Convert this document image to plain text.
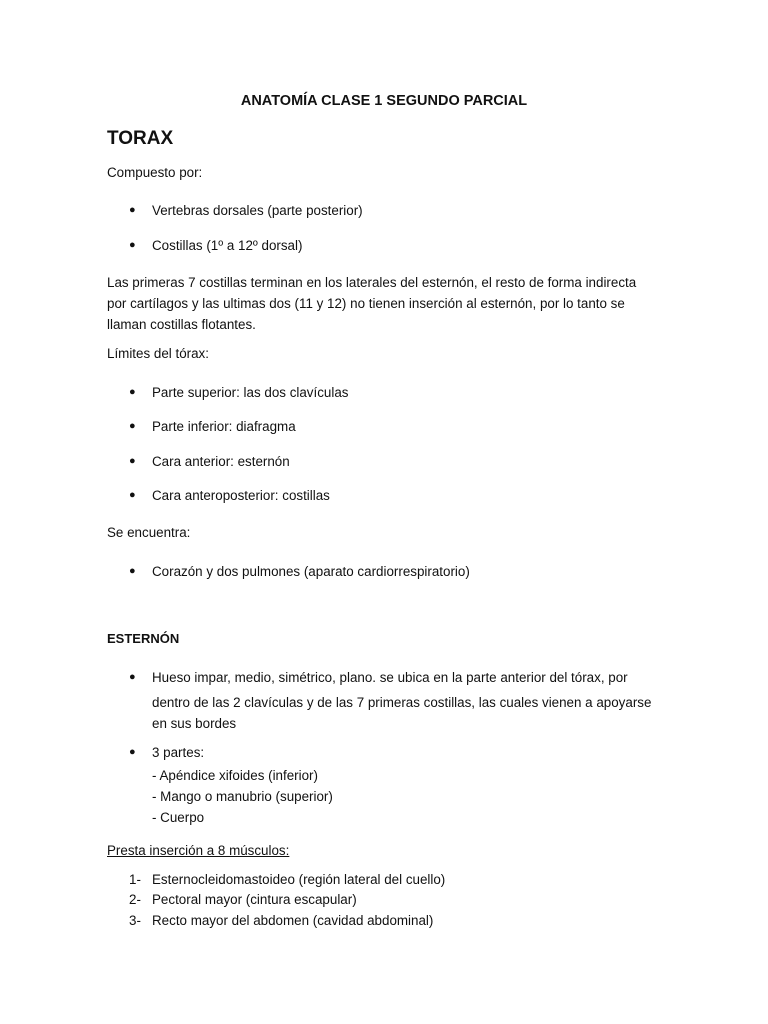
ANATOMÍA CLASE 1 SEGUNDO PARCIAL
TORAX
Compuesto por:
● Vertebras dorsales (parte posterior)
● Costillas (1º a 12º dorsal)
Las primeras 7 costillas terminan en los laterales del esternón, el resto de forma indirecta
por cartílagos y las ultimas dos (11 y 12) no tienen inserción al esternón, por lo tanto se
llaman costillas flotantes.
Límites del tórax:
● Parte superior: las dos clavículas
● Parte inferior: diafragma
● Cara anterior: esternón
● Cara anteroposterior: costillas
Se encuentra:
● Corazón y dos pulmones (aparato cardiorrespiratorio)
ESTERNÓN
● Hueso impar, medio, simétrico, plano. se ubica en la parte anterior del tórax, por
dentro de las 2 clavículas y de las 7 primeras costillas, las cuales vienen a apoyarse
en sus bordes
● 3 partes:
- Apéndice xifoides (inferior)
- Mango o manubrio (superior)
- Cuerpo
Presta inserción a 8 músculos:
1- Esternocleidomastoideo (región lateral del cuello)
2- Pectoral mayor (cintura escapular)
3- Recto mayor del abdomen (cavidad abdominal)
